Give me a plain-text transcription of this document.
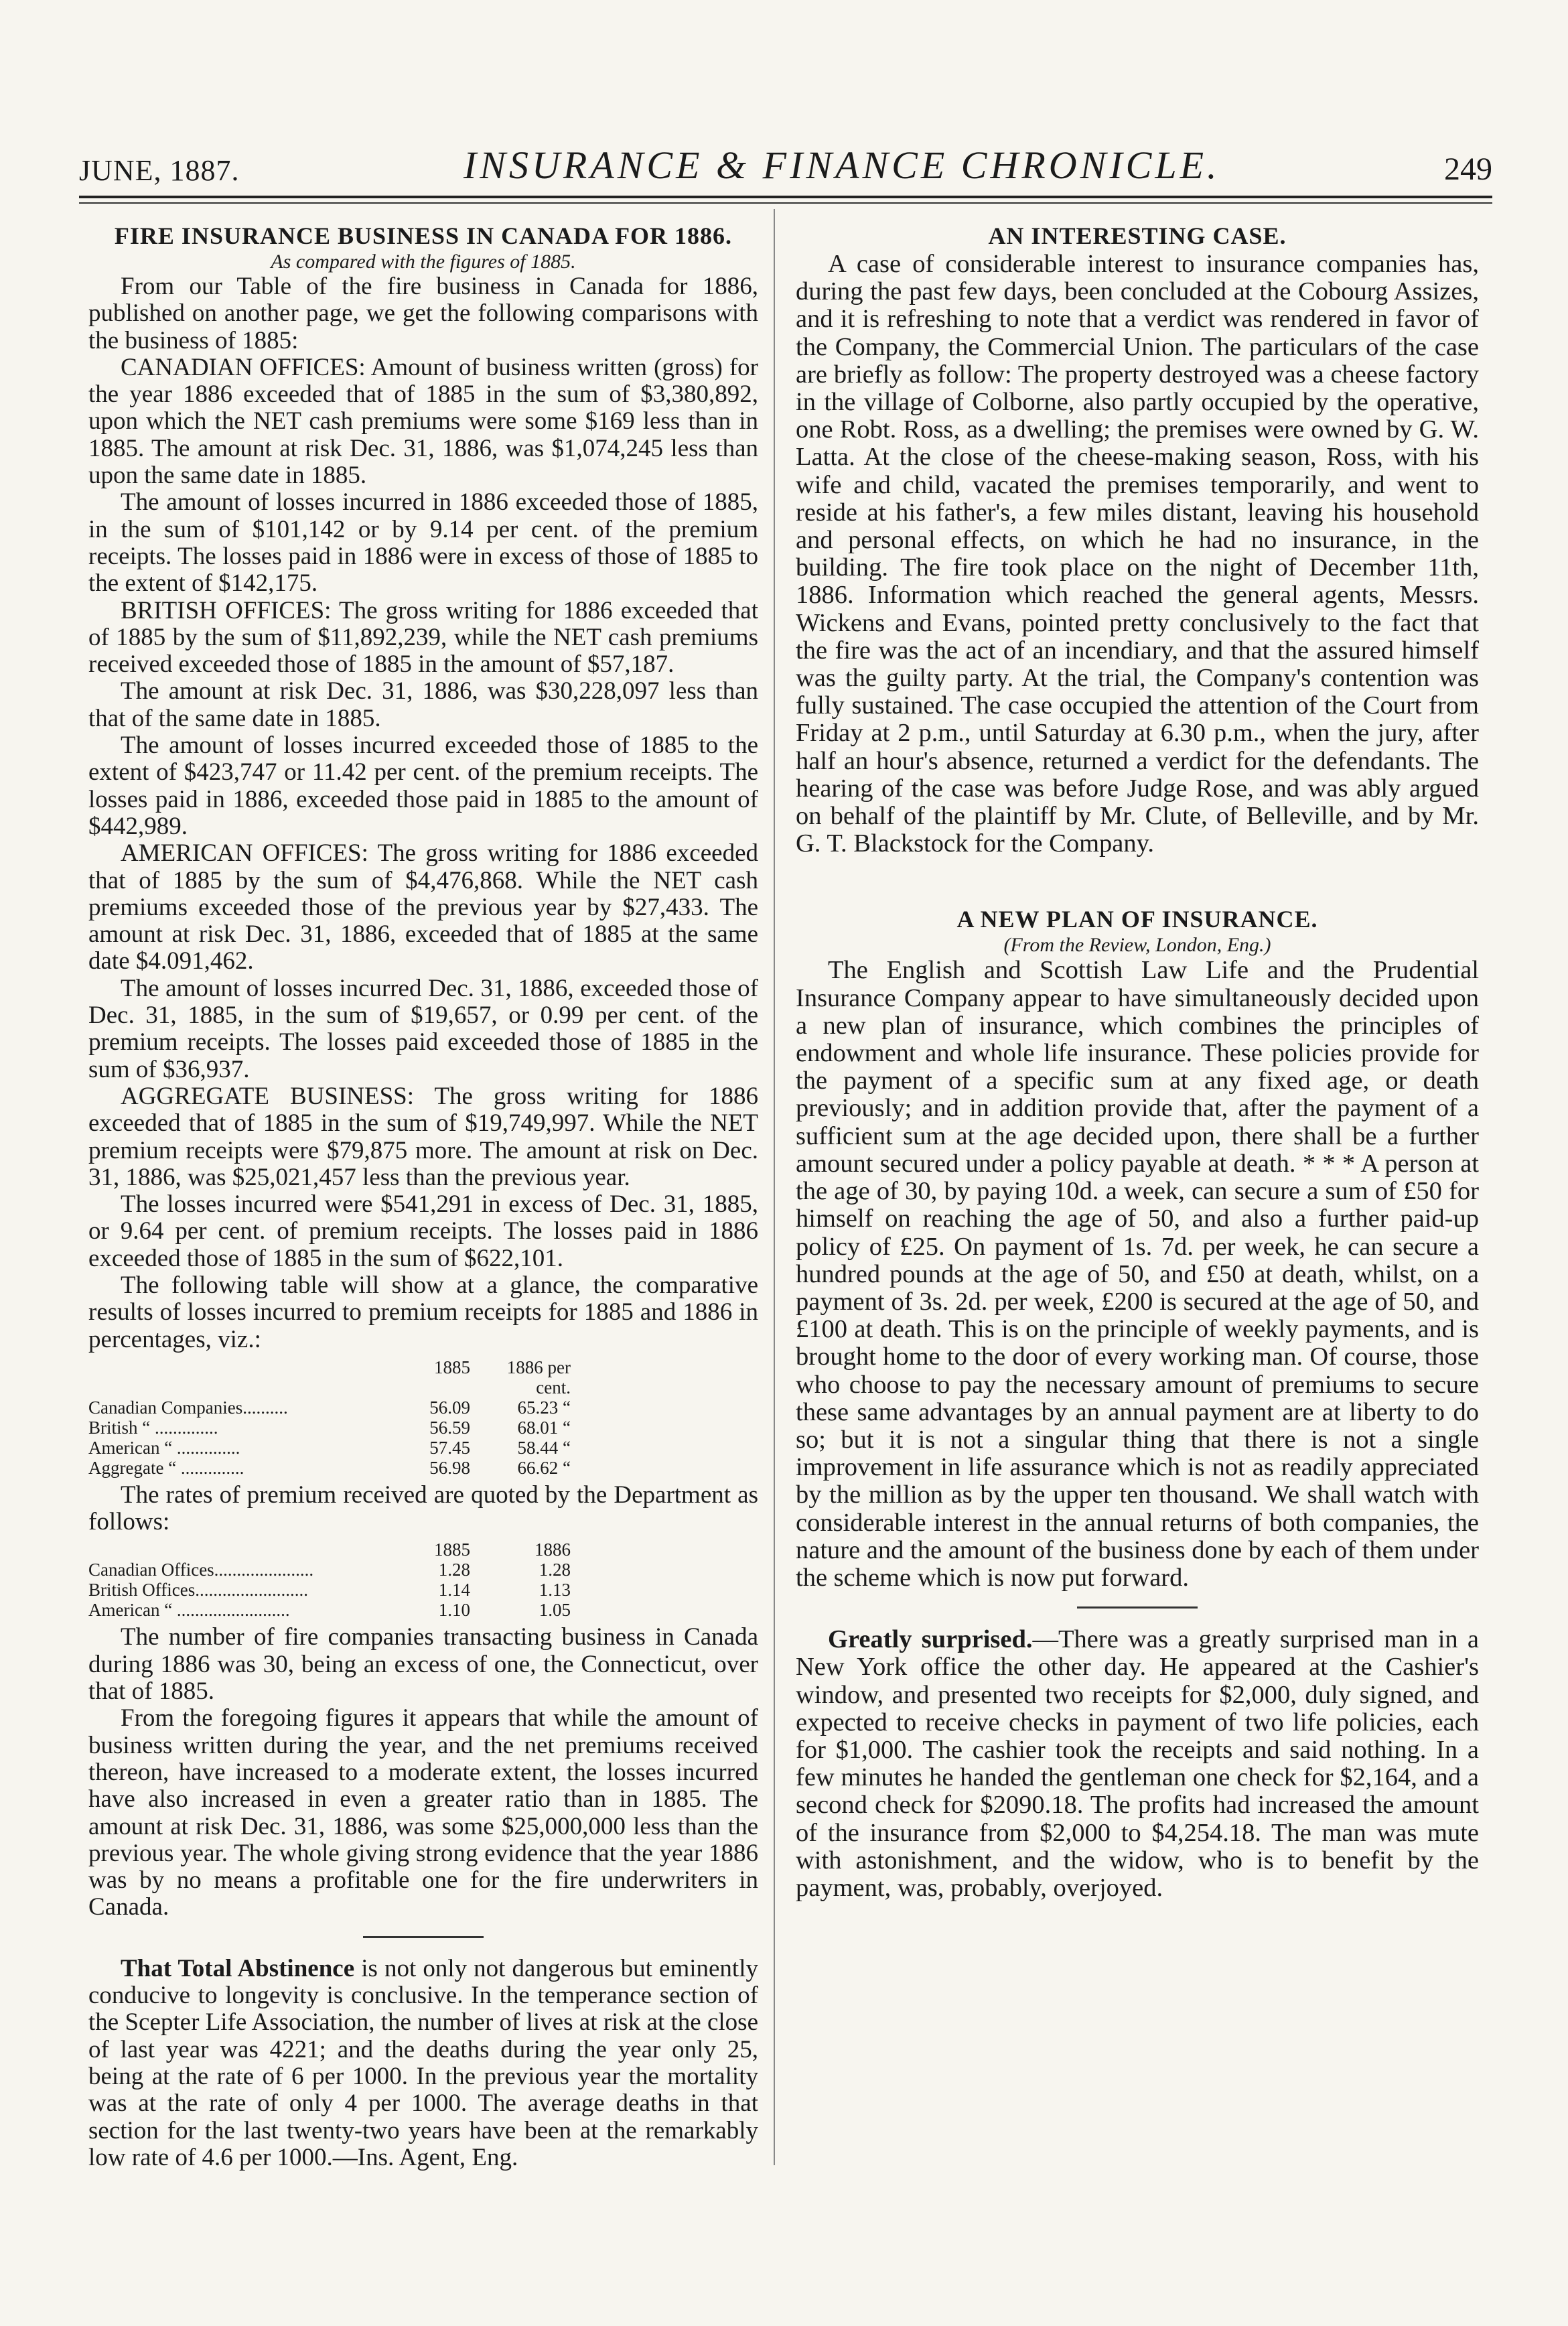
JUNE, 1887.	INSURANCE & FINANCE CHRONICLE.	249
FIRE INSURANCE BUSINESS IN CANADA FOR 1886.
As compared with the figures of 1885.

From our Table of the fire business in Canada for 1886, published on another page, we get the following comparisons with the business of 1885:

CANADIAN OFFICES: Amount of business written (gross) for the year 1886 exceeded that of 1885 in the sum of $3,380,892, upon which the NET cash premiums were some $169 less than in 1885. The amount at risk Dec. 31, 1886, was $1,074,245 less than upon the same date in 1885.

The amount of losses incurred in 1886 exceeded those of 1885, in the sum of $101,142 or by 9.14 per cent. of the premium receipts. The losses paid in 1886 were in excess of those of 1885 to the extent of $142,175.

BRITISH OFFICES: The gross writing for 1886 exceeded that of 1885 by the sum of $11,892,239, while the NET cash premiums received exceeded those of 1885 in the amount of $57,187.

The amount at risk Dec. 31, 1886, was $30,228,097 less than that of the same date in 1885.

The amount of losses incurred exceeded those of 1885 to the extent of $423,747 or 11.42 per cent. of the premium receipts. The losses paid in 1886, exceeded those paid in 1885 to the amount of $442,989.

AMERICAN OFFICES: The gross writing for 1886 exceeded that of 1885 by the sum of $4,476,868. While the NET cash premiums exceeded those of the previous year by $27,433. The amount at risk Dec. 31, 1886, exceeded that of 1885 at the same date $4.091,462.

The amount of losses incurred Dec. 31, 1886, exceeded those of Dec. 31, 1885, in the sum of $19,657, or 0.99 per cent. of the premium receipts. The losses paid exceeded those of 1885 in the sum of $36,937.

AGGREGATE BUSINESS: The gross writing for 1886 exceeded that of 1885 in the sum of $19,749,997. While the NET premium receipts were $79,875 more. The amount at risk on Dec. 31, 1886, was $25,021,457 less than the previous year.

The losses incurred were $541,291 in excess of Dec. 31, 1885, or 9.64 per cent. of premium receipts. The losses paid in 1886 exceeded those of 1885 in the sum of $622,101.

The following table will show at a glance, the comparative results of losses incurred to premium receipts for 1885 and 1886 in percentages, viz.:

1885	1886 per cent.
Canadian Companies..........	56.09	65.23 “
British “ ..............	56.59	68.01 “
American “ ..............	57.45	58.44 “
Aggregate “ ..............	56.98	66.62 “

The rates of premium received are quoted by the Department as follows:

1885	1886
Canadian Offices......................	1.28	1.28
British Offices.........................	1.14	1.13
American “ .........................	1.10	1.05

The number of fire companies transacting business in Canada during 1886 was 30, being an excess of one, the Connecticut, over that of 1885.

From the foregoing figures it appears that while the amount of business written during the year, and the net premiums received thereon, have increased to a moderate extent, the losses incurred have also increased in even a greater ratio than in 1885. The amount at risk Dec. 31, 1886, was some $25,000,000 less than the previous year. The whole giving strong evidence that the year 1886 was by no means a profitable one for the fire underwriters in Canada.

That Total Abstinence is not only not dangerous but eminently conducive to longevity is conclusive. In the temperance section of the Scepter Life Association, the number of lives at risk at the close of last year was 4221; and the deaths during the year only 25, being at the rate of 6 per 1000. In the previous year the mortality was at the rate of only 4 per 1000. The average deaths in that section for the last twenty-two years have been at the remarkably low rate of 4.6 per 1000.—Ins. Agent, Eng.

AN INTERESTING CASE.

A case of considerable interest to insurance companies has, during the past few days, been concluded at the Cobourg Assizes, and it is refreshing to note that a verdict was rendered in favor of the Company, the Commercial Union. The particulars of the case are briefly as follow: The property destroyed was a cheese factory in the village of Colborne, also partly occupied by the operative, one Robt. Ross, as a dwelling; the premises were owned by G. W. Latta. At the close of the cheese-making season, Ross, with his wife and child, vacated the premises temporarily, and went to reside at his father's, a few miles distant, leaving his household and personal effects, on which he had no insurance, in the building. The fire took place on the night of December 11th, 1886. Information which reached the general agents, Messrs. Wickens and Evans, pointed pretty conclusively to the fact that the fire was the act of an incendiary, and that the assured himself was the guilty party. At the trial, the Company's contention was fully sustained. The case occupied the attention of the Court from Friday at 2 p.m., until Saturday at 6.30 p.m., when the jury, after half an hour's absence, returned a verdict for the defendants. The hearing of the case was before Judge Rose, and was ably argued on behalf of the plaintiff by Mr. Clute, of Belleville, and by Mr. G. T. Blackstock for the Company.

A NEW PLAN OF INSURANCE.
(From the Review, London, Eng.)

The English and Scottish Law Life and the Prudential Insurance Company appear to have simultaneously decided upon a new plan of insurance, which combines the principles of endowment and whole life insurance. These policies provide for the payment of a specific sum at any fixed age, or death previously; and in addition provide that, after the payment of a sufficient sum at the age decided upon, there shall be a further amount secured under a policy payable at death. * * * A person at the age of 30, by paying 10d. a week, can secure a sum of £50 for himself on reaching the age of 50, and also a further paid-up policy of £25. On payment of 1s. 7d. per week, he can secure a hundred pounds at the age of 50, and £50 at death, whilst, on a payment of 3s. 2d. per week, £200 is secured at the age of 50, and £100 at death. This is on the principle of weekly payments, and is brought home to the door of every working man. Of course, those who choose to pay the necessary amount of premiums to secure these same advantages by an annual payment are at liberty to do so; but it is not a singular thing that there is not a single improvement in life assurance which is not as readily appreciated by the million as by the upper ten thousand. We shall watch with considerable interest in the annual returns of both companies, the nature and the amount of the business done by each of them under the scheme which is now put forward.

Greatly surprised.—There was a greatly surprised man in a New York office the other day. He appeared at the Cashier's window, and presented two receipts for $2,000, duly signed, and expected to receive checks in payment of two life policies, each for $1,000. The cashier took the receipts and said nothing. In a few minutes he handed the gentleman one check for $2,164, and a second check for $2090.18. The profits had increased the amount of the insurance from $2,000 to $4,254.18. The man was mute with astonishment, and the widow, who is to benefit by the payment, was, probably, overjoyed.
